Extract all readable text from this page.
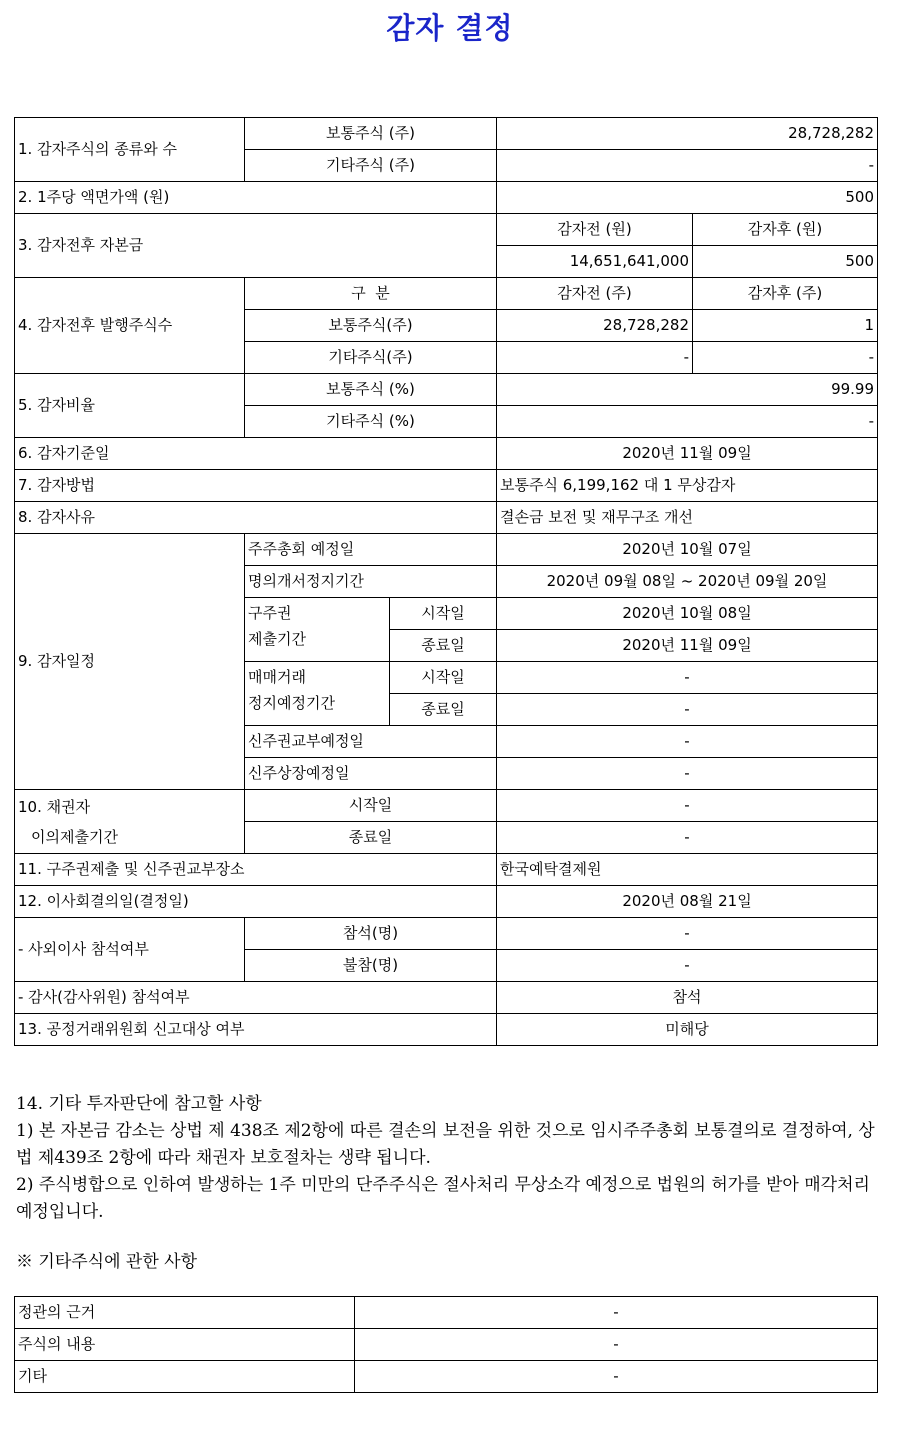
감자 결정
1. 감자주식의 종류와 수	보통주식 (주)		28,728,282	
	기타주식 (주)		-	
2. 1주당 액면가액 (원)			500	
3. 감자전후 자본금			감자전 (원)	감자후 (원)
			14,651,641,000	500
4. 감자전후 발행주식수	구  분		감자전 (주)	감자후 (주)
	보통주식(주)		28,728,282	1
	기타주식(주)		-	-
5. 감자비율	보통주식 (%)		99.99	
	기타주식 (%)		-	
6. 감자기준일			2020년 11월 09일	
7. 감자방법			보통주식 6,199,162 대 1 무상감자	
8. 감자사유			결손금 보전 및 재무구조 개선	
9. 감자일정	주주총회 예정일		2020년 10월 07일	
	명의개서정지기간		2020년 09월 08일 ~ 2020년 09월 20일	
	구주권
제출기간	시작일	2020년 10월 08일	
		종료일	2020년 11월 09일	
	매매거래
정지예정기간	시작일	-	
		종료일	-	
	신주권교부예정일		-	
	신주상장예정일		-	
10. 채권자
이의제출기간	시작일		-	
	종료일		-	
11. 구주권제출 및 신주권교부장소			한국예탁결제원	
12. 이사회결의일(결정일)			2020년 08월 21일	
- 사외이사 참석여부	참석(명)		-	
	불참(명)		-	
- 감사(감사위원) 참석여부			참석	
13. 공정거래위원회 신고대상 여부			미해당	

14. 기타 투자판단에 참고할 사항

1) 본 자본금 감소는 상법 제 438조 제2항에 따른 결손의 보전을 위한 것으로 임시주주총회 보통결의로 결정하여, 상법 제439조 2항에 따라 채권자 보호절차는 생략 됩니다.

2) 주식병합으로 인하여 발생하는 1주 미만의 단주주식은 절사처리 무상소각 예정으로 법원의 허가를 받아 매각처리 예정입니다.

※ 기타주식에 관한 사항
정관의 근거	-
주식의 내용	-
기타	-
